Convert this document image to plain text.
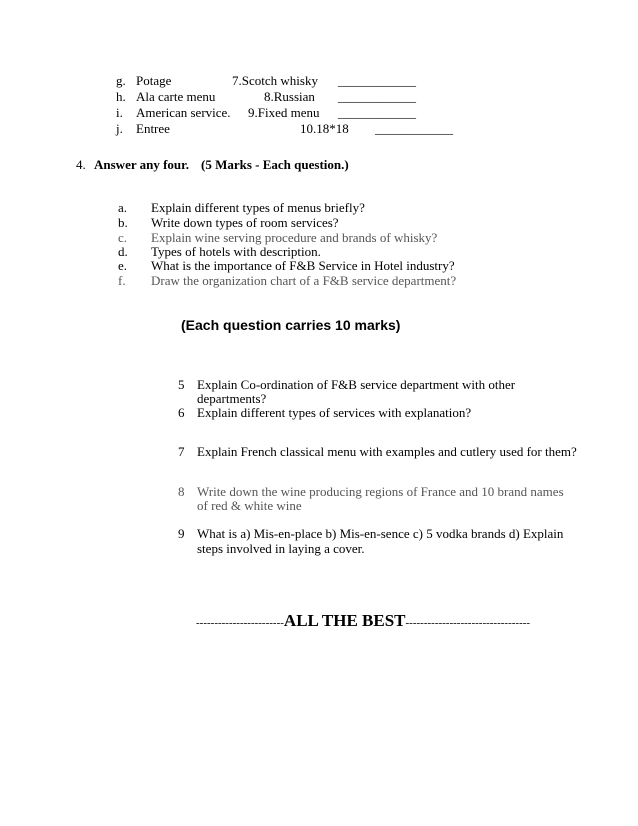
g. Potage	7.Scotch whisky ____________
h. Ala carte menu	8.Russian ____________
i. American service. 9.Fixed menu ____________
j. Entree	10.18*18 ____________
4. Answer any four. (5 Marks - Each question.)
a. Explain different types of menus briefly?
b. Write down types of room services?
c. Explain wine serving procedure and brands of whisky?
d. Types of hotels with description.
e. What is the importance of F&B Service in Hotel industry?
f. Draw the organization chart of a F&B service department?
(Each question carries 10 marks)
5 Explain Co-ordination of F&B service department with other
departments?
6 Explain different types of services with explanation?
7 Explain French classical menu with examples and cutlery used for them?
8 Write down the wine producing regions of France and 10 brand names
of red & white wine
9 What is a) Mis-en-place b) Mis-en-sence c) 5 vodka brands d) Explain
steps involved in laying a cover.
------------------------ALL THE BEST----------------------------------
